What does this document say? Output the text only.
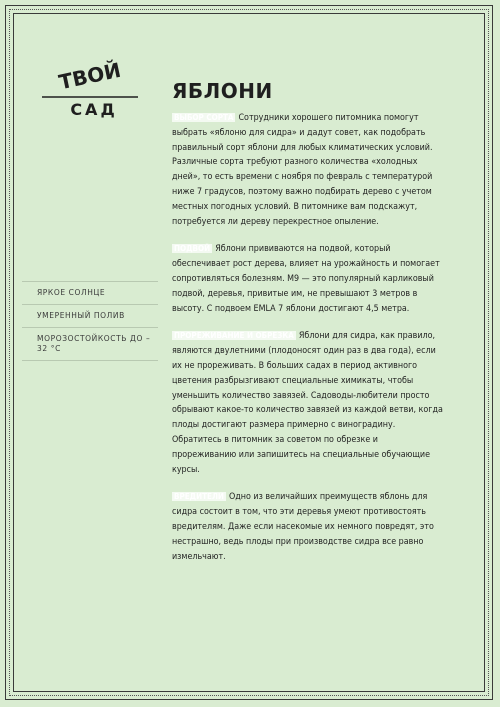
ТВОЙ
САД
ЯБЛОНИ

ВЫБОР СОРТА Сотрудники хорошего питомника помогут выбрать «яблоню для сидра» и дадут совет, как подобрать правильный сорт яблони для любых климатических условий. Различные сорта требуют разного количества «холодных дней», то есть времени с ноября по февраль с температурой ниже 7 градусов, поэтому важно подбирать дерево с учетом местных погодных условий. В питомнике вам подскажут, потребуется ли дереву перекрестное опыление.

ПОДВОЙ Яблони прививаются на подвой, который обеспечивает рост дерева, влияет на урожайность и помогает сопротивляться болезням. M9 — это популярный карликовый подвой, деревья, привитые им, не превышают 3 метров в высоту. С подвоем EMLA 7 яблони достигают 4,5 метра.

ПРОРЕЖИВАНИЕ И ОБРЕЗКА Яблони для сидра, как правило, являются двулетними (плодоносят один раз в два года), если их не прореживать. В больших садах в период активного цветения разбрызгивают специальные химикаты, чтобы уменьшить количество завязей. Садоводы-любители просто обрывают какое-то количество завязей из каждой ветви, когда плоды достигают размера примерно с виноградину. Обратитесь в питомник за советом по обрезке и прореживанию или запишитесь на специальные обучающие курсы.

ВРЕДИТЕЛИ Одно из величайших преимуществ яблонь для сидра состоит в том, что эти деревья умеют противостоять вредителям. Даже если насекомые их немного повредят, это нестрашно, ведь плоды при производстве сидра все равно измельчают.

ЯРКОЕ СОЛНЦЕ
УМЕРЕННЫЙ ПОЛИВ
МОРОЗОСТОЙКОСТЬ ДО –32 °С
